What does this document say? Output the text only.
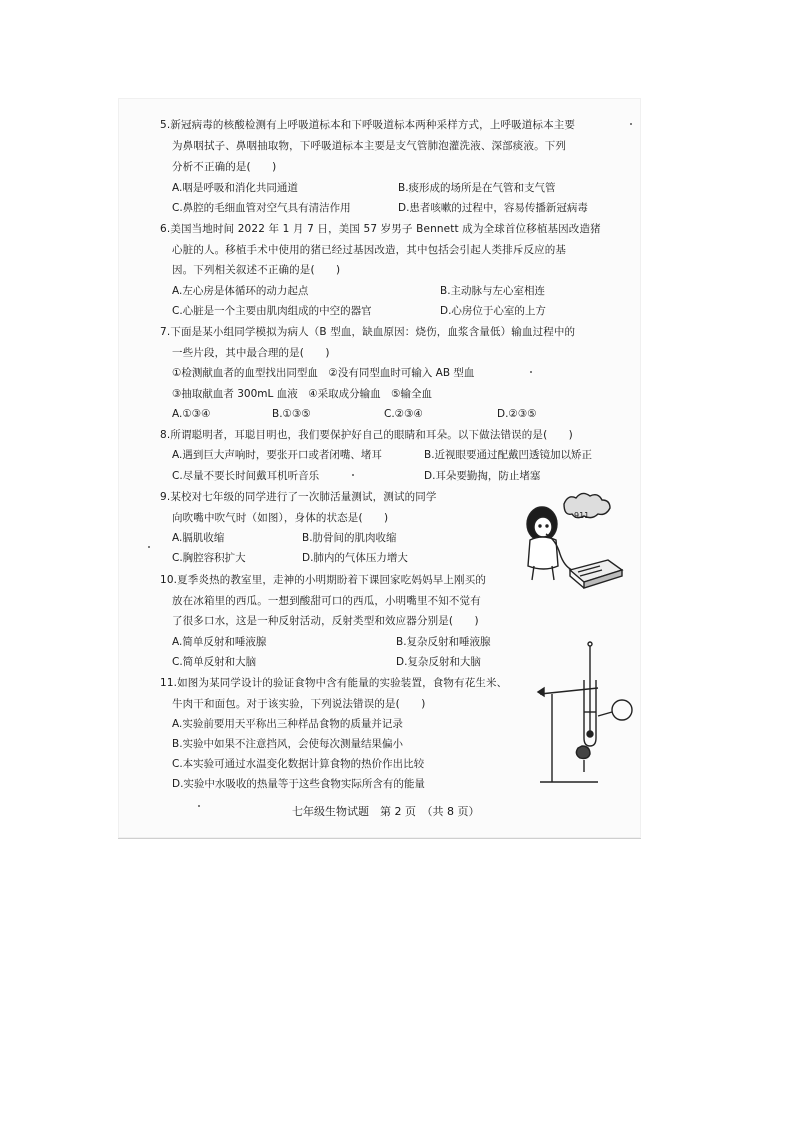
5.新冠病毒的核酸检测有上呼吸道标本和下呼吸道标本两种采样方式，上呼吸道标本主要

为鼻咽拭子、鼻咽抽取物，下呼吸道标本主要是支气管肺泡灌洗液、深部痰液。下列

分析不正确的是(　　)

A.咽是呼吸和消化共同通道	B.痰形成的场所是在气管和支气管

C.鼻腔的毛细血管对空气具有清洁作用	D.患者咳嗽的过程中，容易传播新冠病毒

6.美国当地时间 2022 年 1 月 7 日，美国 57 岁男子 Bennett 成为全球首位移植基因改造猪

心脏的人。移植手术中使用的猪已经过基因改造，其中包括会引起人类排斥反应的基

因。下列相关叙述不正确的是(　　)

A.左心房是体循环的动力起点	B.主动脉与左心室相连

C.心脏是一个主要由肌肉组成的中空的器官	D.心房位于心室的上方

7.下面是某小组同学模拟为病人（B 型血，缺血原因：烧伤，血浆含量低）输血过程中的

一些片段，其中最合理的是(　　)

①检测献血者的血型找出同型血　②没有同型血时可输入 AB 型血

③抽取献血者 300mL 血液　④采取成分输血　⑤输全血

A.①③④	B.①③⑤	C.②③④	D.②③⑤

8.所谓聪明者，耳聪目明也，我们要保护好自己的眼睛和耳朵。以下做法错误的是(　　)

A.遇到巨大声响时，要张开口或者闭嘴、堵耳	B.近视眼要通过配戴凹透镜加以矫正

C.尽量不要长时间戴耳机听音乐	D.耳朵要勤掏，防止堵塞

9.某校对七年级的同学进行了一次肺活量测试，测试的同学

向吹嘴中吹气时（如图），身体的状态是(　　)

A.膈肌收缩	B.肋骨间的肌肉收缩

C.胸腔容积扩大	D.肺内的气体压力增大

911

10.夏季炎热的教室里，走神的小明期盼着下课回家吃妈妈早上刚买的

放在冰箱里的西瓜。一想到酸甜可口的西瓜，小明嘴里不知不觉有

了很多口水，这是一种反射活动，反射类型和效应器分别是(　　)

A.简单反射和唾液腺	B.复杂反射和唾液腺

C.简单反射和大脑	D.复杂反射和大脑

11.如图为某同学设计的验证食物中含有能量的实验装置，食物有花生米、

牛肉干和面包。对于该实验，下列说法错误的是(　　)

A.实验前要用天平称出三种样品食物的质量并记录

B.实验中如果不注意挡风，会使每次测量结果偏小

C.本实验可通过水温变化数据计算食物的热价作出比较

D.实验中水吸收的热量等于这些食物实际所含有的能量

七年级生物试题　第 2 页　（共 8 页）
